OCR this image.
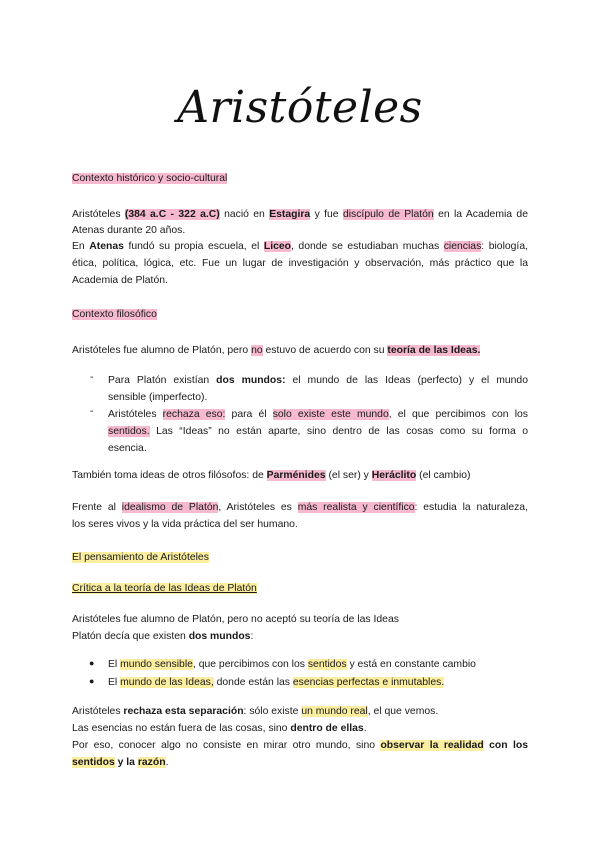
Aristóteles
Contexto histórico y socio-cultural
Aristóteles (384 a.C - 322 a.C) nació en Estagira y fue discípulo de Platón en la Academia de
Atenas durante 20 años.
En Atenas fundó su propia escuela, el Liceo, donde se estudiaban muchas ciencias: biología,
ética, política, lógica, etc. Fue un lugar de investigación y observación, más práctico que la
Academia de Platón.
Contexto filosófico
Aristóteles fue alumno de Platón, pero no estuvo de acuerdo con su teoría de las Ideas.
- Para Platón existían dos mundos: el mundo de las Ideas (perfecto) y el mundo
sensible (imperfecto).
- Aristóteles rechaza eso: para él solo existe este mundo, el que percibimos con los
sentidos. Las “Ideas” no están aparte, sino dentro de las cosas como su forma o
esencia.
También toma ideas de otros filósofos: de Parménides (el ser) y Heráclito (el cambio)
Frente al idealismo de Platón, Aristóteles es más realista y científico: estudia la naturaleza,
los seres vivos y la vida práctica del ser humano.
El pensamiento de Aristóteles
Crítica a la teoría de las Ideas de Platón
Aristóteles fue alumno de Platón, pero no aceptó su teoría de las Ideas
Platón decía que existen dos mundos:
● El mundo sensible, que percibimos con los sentidos y está en constante cambio
● El mundo de las Ideas, donde están las esencias perfectas e inmutables.
Aristóteles rechaza esta separación: sólo existe un mundo real, el que vemos.
Las esencias no están fuera de las cosas, sino dentro de ellas.
Por eso, conocer algo no consiste en mirar otro mundo, sino observar la realidad con los
sentidos y la razón.
